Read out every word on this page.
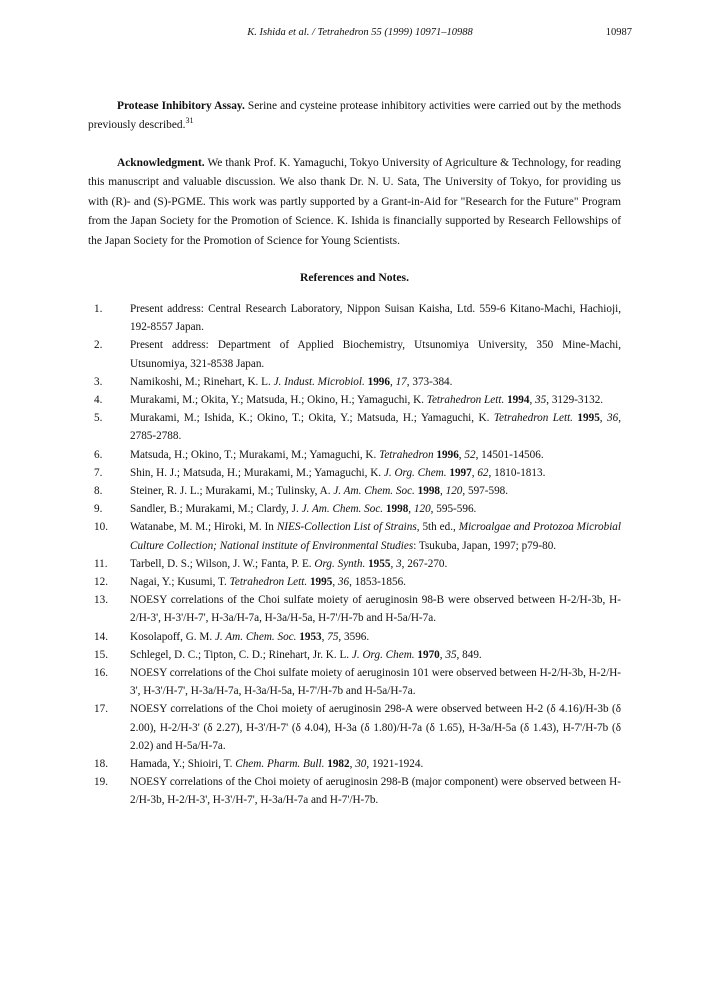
K. Ishida et al. / Tetrahedron 55 (1999) 10971–10988	10987

Protease Inhibitory Assay. Serine and cysteine protease inhibitory activities were carried out by the methods previously described.$^{31}$

Acknowledgment. We thank Prof. K. Yamaguchi, Tokyo University of Agriculture & Technology, for reading this manuscript and valuable discussion. We also thank Dr. N. U. Sata, The University of Tokyo, for providing us with (R)- and (S)-PGME. This work was partly supported by a Grant-in-Aid for "Research for the Future" Program from the Japan Society for the Promotion of Science. K. Ishida is financially supported by Research Fellowships of the Japan Society for the Promotion of Science for Young Scientists.

References and Notes.
1.	Present address: Central Research Laboratory, Nippon Suisan Kaisha, Ltd. 559-6 Kitano-Machi, Hachioji, 192-8557 Japan.
2.	Present address: Department of Applied Biochemistry, Utsunomiya University, 350 Mine-Machi, Utsunomiya, 321-8538 Japan.
3.	Namikoshi, M.; Rinehart, K. L. J. Indust. Microbiol. 1996, 17, 373-384.
4.	Murakami, M.; Okita, Y.; Matsuda, H.; Okino, H.; Yamaguchi, K. Tetrahedron Lett. 1994, 35, 3129-3132.
5.	Murakami, M.; Ishida, K.; Okino, T.; Okita, Y.; Matsuda, H.; Yamaguchi, K. Tetrahedron Lett. 1995, 36, 2785-2788.
6.	Matsuda, H.; Okino, T.; Murakami, M.; Yamaguchi, K. Tetrahedron 1996, 52, 14501-14506.
7.	Shin, H. J.; Matsuda, H.; Murakami, M.; Yamaguchi, K. J. Org. Chem. 1997, 62, 1810-1813.
8.	Steiner, R. J. L.; Murakami, M.; Tulinsky, A. J. Am. Chem. Soc. 1998, 120, 597-598.
9.	Sandler, B.; Murakami, M.; Clardy, J. J. Am. Chem. Soc. 1998, 120, 595-596.
10.	Watanabe, M. M.; Hiroki, M. In NIES-Collection List of Strains, 5th ed., Microalgae and Protozoa Microbial Culture Collection; National institute of Environmental Studies: Tsukuba, Japan, 1997; p79-80.
11.	Tarbell, D. S.; Wilson, J. W.; Fanta, P. E. Org. Synth. 1955, 3, 267-270.
12.	Nagai, Y.; Kusumi, T. Tetrahedron Lett. 1995, 36, 1853-1856.
13.	NOESY correlations of the Choi sulfate moiety of aeruginosin 98-B were observed between H-2/H-3b, H-2/H-3', H-3'/H-7', H-3a/H-7a, H-3a/H-5a, H-7'/H-7b and H-5a/H-7a.
14.	Kosolapoff, G. M. J. Am. Chem. Soc. 1953, 75, 3596.
15.	Schlegel, D. C.; Tipton, C. D.; Rinehart, Jr. K. L. J. Org. Chem. 1970, 35, 849.
16.	NOESY correlations of the Choi sulfate moiety of aeruginosin 101 were observed between H-2/H-3b, H-2/H-3', H-3'/H-7', H-3a/H-7a, H-3a/H-5a, H-7'/H-7b and H-5a/H-7a.
17.	NOESY correlations of the Choi moiety of aeruginosin 298-A were observed between H-2 (δ 4.16)/H-3b (δ 2.00), H-2/H-3' (δ 2.27), H-3'/H-7' (δ 4.04), H-3a (δ 1.80)/H-7a (δ 1.65), H-3a/H-5a (δ 1.43), H-7'/H-7b (δ 2.02) and H-5a/H-7a.
18.	Hamada, Y.; Shioiri, T. Chem. Pharm. Bull. 1982, 30, 1921-1924.
19.	NOESY correlations of the Choi moiety of aeruginosin 298-B (major component) were observed between H-2/H-3b, H-2/H-3', H-3'/H-7', H-3a/H-7a and H-7'/H-7b.
